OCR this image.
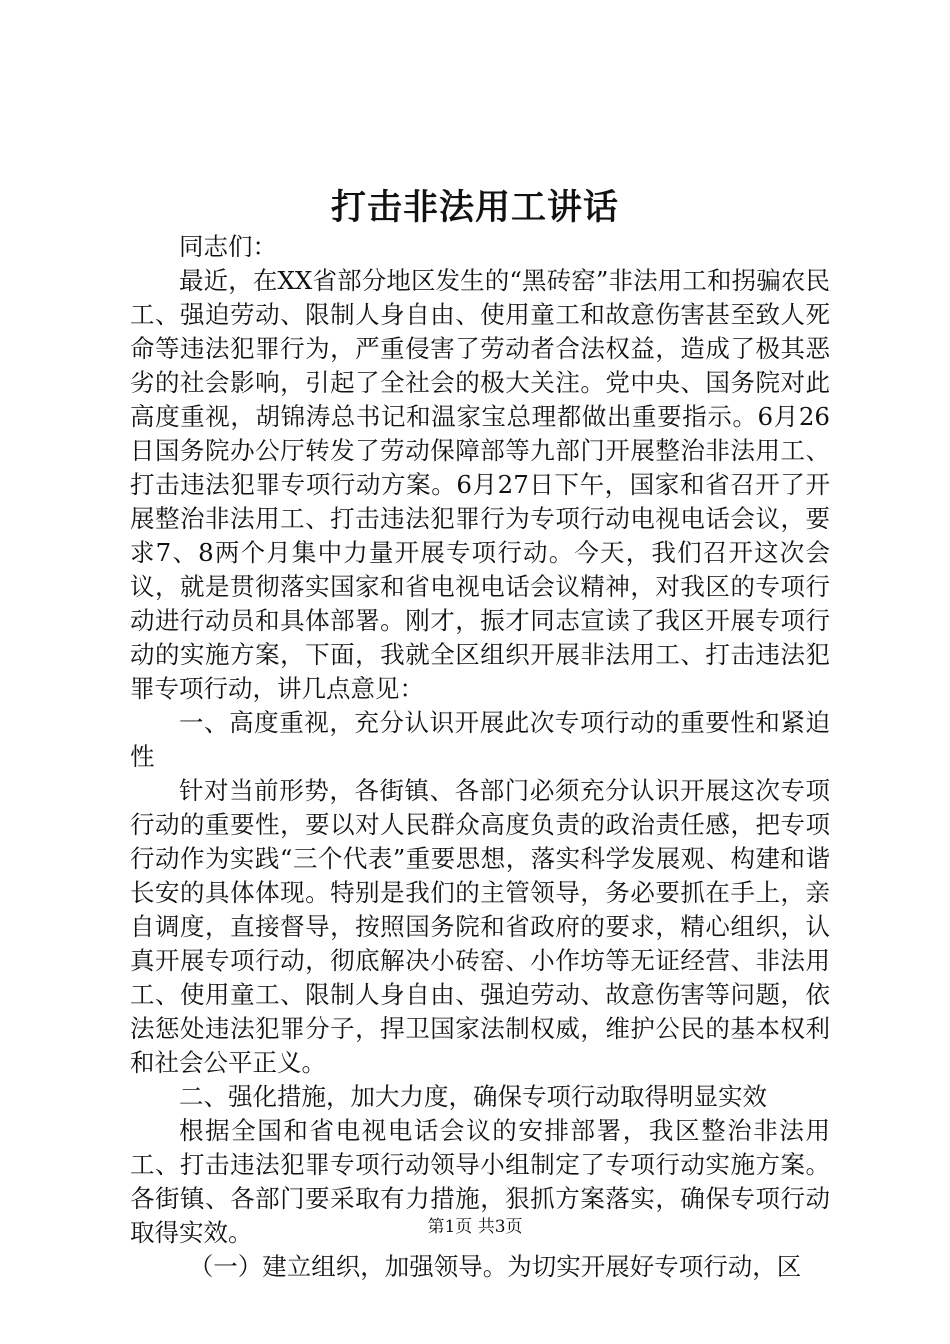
打击非法用工讲话

同志们：

最近，在XX省部分地区发生的“黑砖窑”非法用工和拐骗农民工、强迫劳动、限制人身自由、使用童工和故意伤害甚至致人死命等违法犯罪行为，严重侵害了劳动者合法权益，造成了极其恶劣的社会影响，引起了全社会的极大关注。党中央、国务院对此高度重视，胡锦涛总书记和温家宝总理都做出重要指示。6月26日国务院办公厅转发了劳动保障部等九部门开展整治非法用工、打击违法犯罪专项行动方案。6月27日下午，国家和省召开了开展整治非法用工、打击违法犯罪行为专项行动电视电话会议，要求7、8两个月集中力量开展专项行动。今天，我们召开这次会议，就是贯彻落实国家和省电视电话会议精神，对我区的专项行动进行动员和具体部署。刚才，振才同志宣读了我区开展专项行动的实施方案，下面，我就全区组织开展非法用工、打击违法犯罪专项行动，讲几点意见：

一、高度重视，充分认识开展此次专项行动的重要性和紧迫性

针对当前形势，各街镇、各部门必须充分认识开展这次专项行动的重要性，要以对人民群众高度负责的政治责任感，把专项行动作为实践“三个代表”重要思想，落实科学发展观、构建和谐长安的具体体现。特别是我们的主管领导，务必要抓在手上，亲自调度，直接督导，按照国务院和省政府的要求，精心组织，认真开展专项行动，彻底解决小砖窑、小作坊等无证经营、非法用工、使用童工、限制人身自由、强迫劳动、故意伤害等问题，依法惩处违法犯罪分子，捍卫国家法制权威，维护公民的基本权利和社会公平正义。

二、强化措施，加大力度，确保专项行动取得明显实效

根据全国和省电视电话会议的安排部署，我区整治非法用工、打击违法犯罪专项行动领导小组制定了专项行动实施方案。各街镇、各部门要采取有力措施，狠抓方案落实，确保专项行动取得实效。

（一）建立组织，加强领导。为切实开展好专项行动，区

第1页 共3页
